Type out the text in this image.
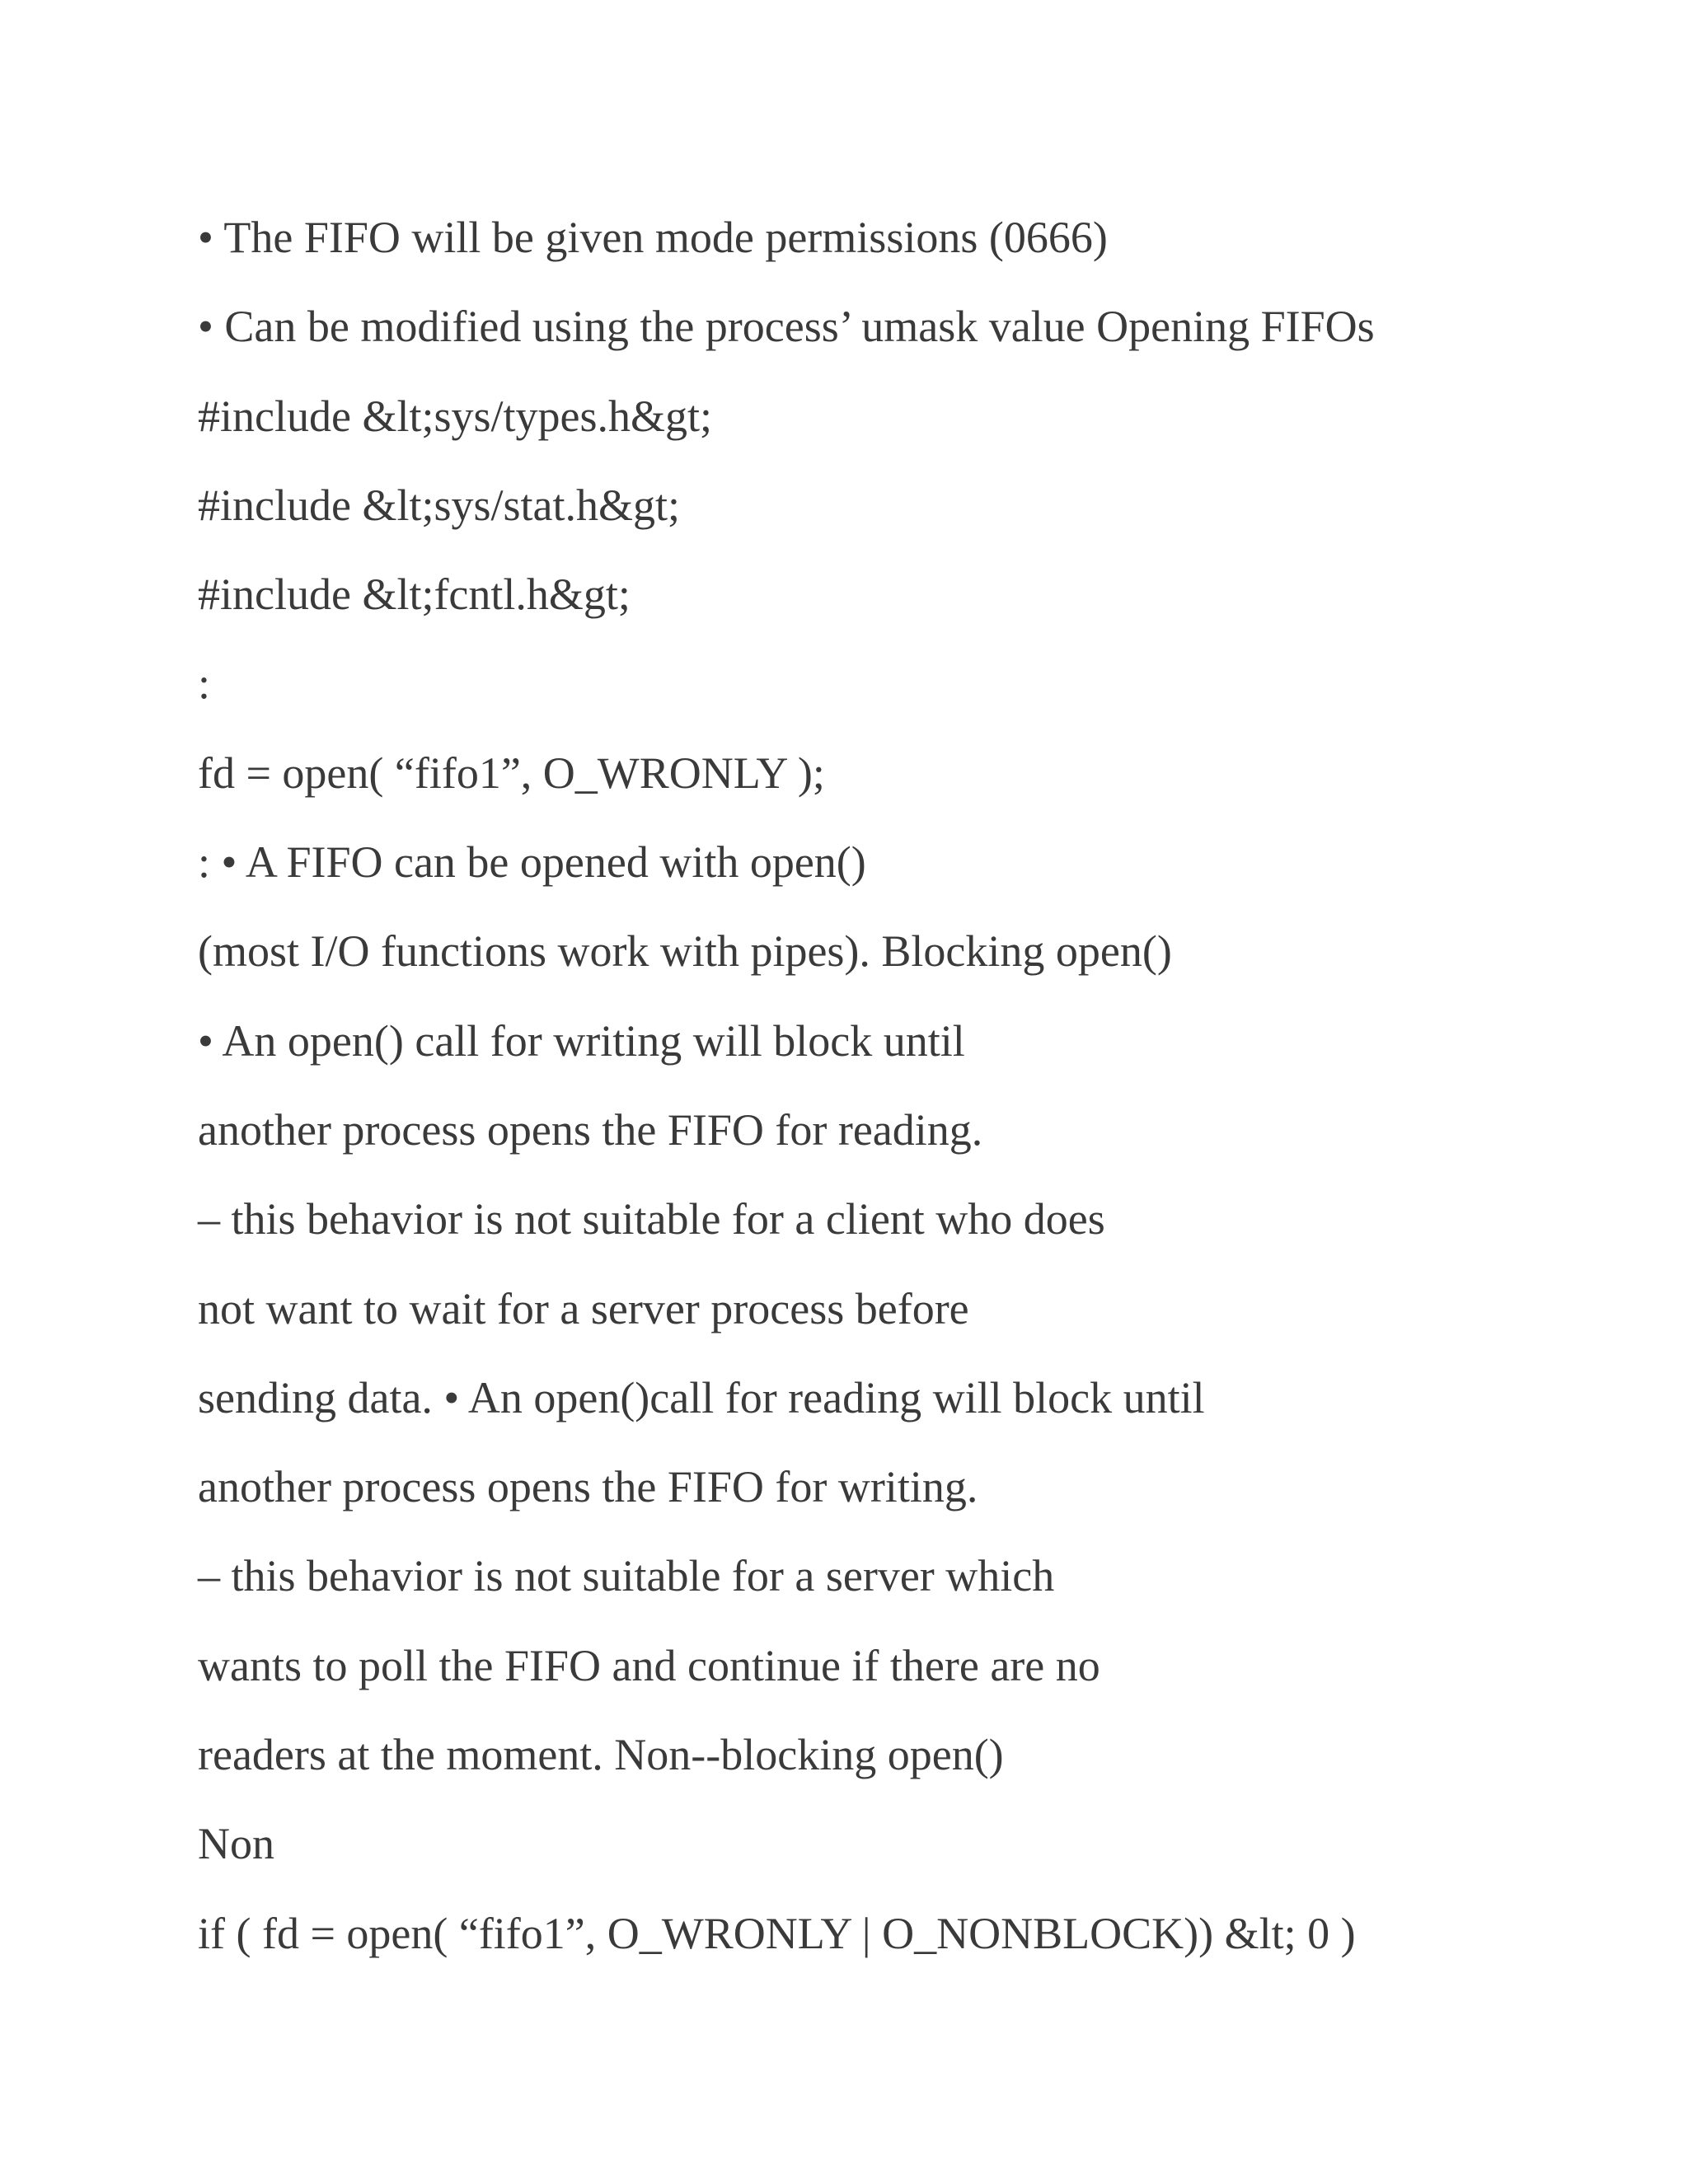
• The FIFO will be given mode permissions (0666)

• Can be modified using the process’ umask value Opening FIFOs

#include &lt;sys/types.h&gt;

#include &lt;sys/stat.h&gt;

#include &lt;fcntl.h&gt;

:

fd = open( “fifo1”, O_WRONLY );

: • A FIFO can be opened with open()

(most I/O functions work with pipes). Blocking open()

• An open() call for writing will block until

another process opens the FIFO for reading.

– this behavior is not suitable for a client who does

not want to wait for a server process before

sending data. • An open()call for reading will block until

another process opens the FIFO for writing.

– this behavior is not suitable for a server which

wants to poll the FIFO and continue if there are no

readers at the moment. Non--blocking open()

Non

if ( fd = open( “fifo1”, O_WRONLY | O_NONBLOCK)) &lt; 0 )
